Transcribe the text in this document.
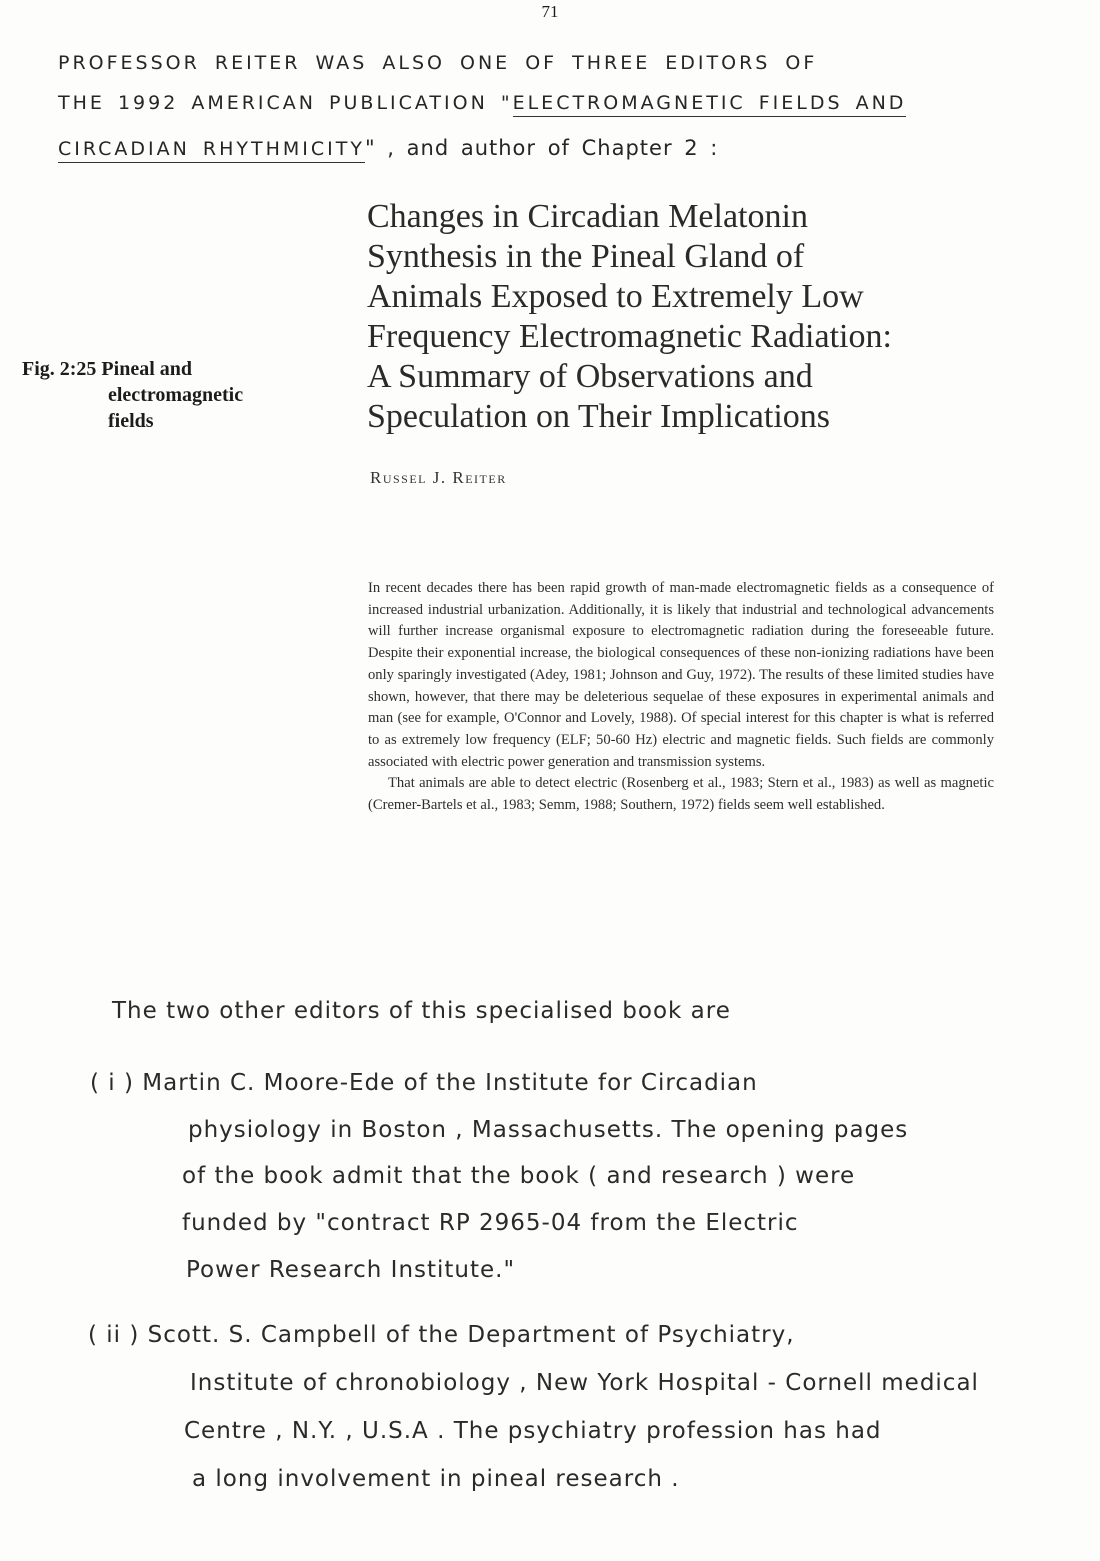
71
PROFESSOR REITER WAS ALSO ONE OF THREE EDITORS OF
THE 1992 AMERICAN PUBLICATION "ELECTROMAGNETIC FIELDS AND
CIRCADIAN RHYTHMICITY" , and author of Chapter 2 :
Fig. 2:25 Pineal and
electromagnetic
fields
Changes in Circadian Melatonin
Synthesis in the Pineal Gland of
Animals Exposed to Extremely Low
Frequency Electromagnetic Radiation:
A Summary of Observations and
Speculation on Their Implications
Russel J. Reiter

In recent decades there has been rapid growth of man-made electromagnetic fields as a consequence of increased industrial urbanization. Additionally, it is likely that industrial and technological advancements will further increase organismal exposure to electromagnetic radiation during the foreseeable future. Despite their exponential increase, the biological consequences of these non-ionizing radiations have been only sparingly investigated (Adey, 1981; Johnson and Guy, 1972). The results of these limited studies have shown, however, that there may be deleterious sequelae of these exposures in experimental animals and man (see for example, O'Connor and Lovely, 1988). Of special interest for this chapter is what is referred to as extremely low frequency (ELF; 50-60 Hz) electric and magnetic fields. Such fields are commonly associated with electric power generation and transmission systems.

That animals are able to detect electric (Rosenberg et al., 1983; Stern et al., 1983) as well as magnetic (Cremer-Bartels et al., 1983; Semm, 1988; Southern, 1972) fields seem well established.

The two other editors of this specialised book are
( i ) Martin C. Moore-Ede of the Institute for Circadian
physiology in Boston , Massachusetts. The opening pages
of the book admit that the book ( and research ) were
funded by "contract RP 2965-04 from the Electric
Power Research Institute."
( ii ) Scott. S. Campbell of the Department of Psychiatry,
Institute of chronobiology , New York Hospital - Cornell medical
Centre , N.Y. , U.S.A . The psychiatry profession has had
a long involvement in pineal research .
